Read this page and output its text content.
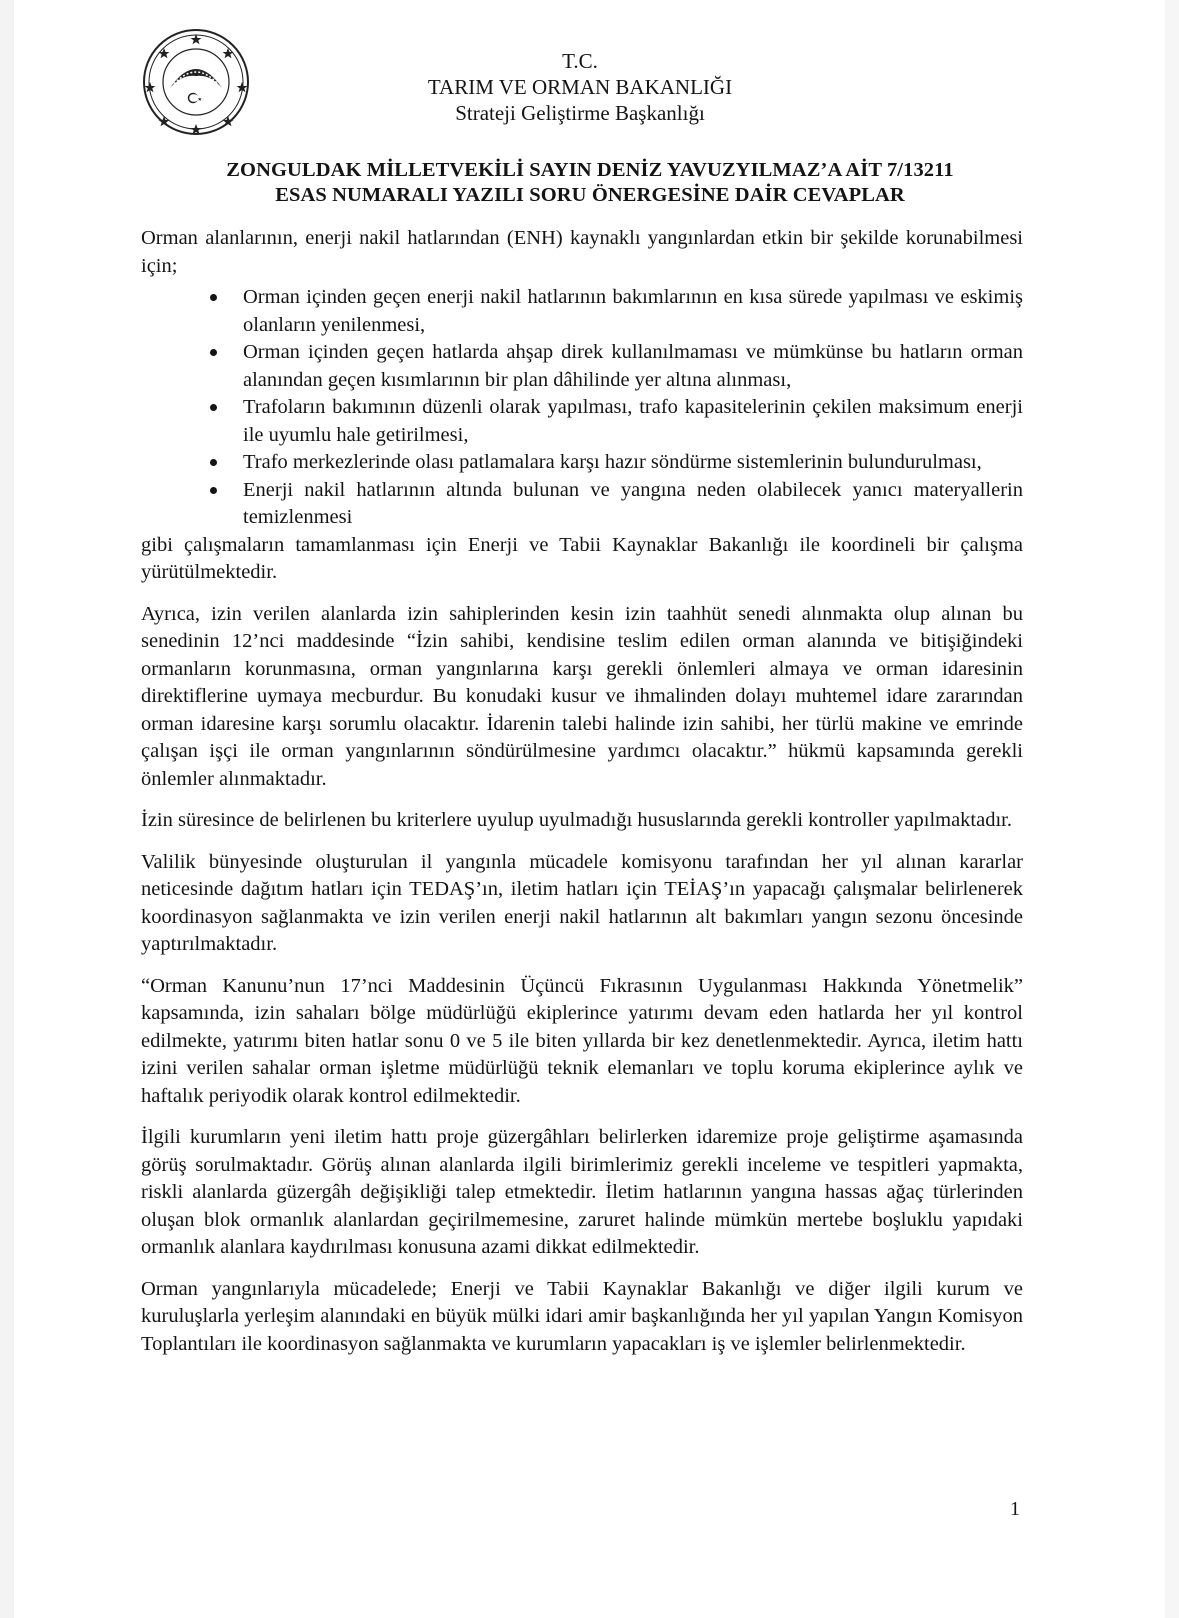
T.C.
TARIM VE ORMAN BAKANLIĞI
Strateji Geliştirme Başkanlığı
ZONGULDAK MİLLETVEKİLİ SAYIN DENİZ YAVUZYILMAZ’A AİT 7/13211
ESAS NUMARALI YAZILI SORU ÖNERGESİNE DAİR CEVAPLAR

Orman alanlarının, enerji nakil hatlarından (ENH) kaynaklı yangınlardan etkin bir şekilde korunabilmesi için;

Orman içinden geçen enerji nakil hatlarının bakımlarının en kısa sürede yapılması ve eskimiş olanların yenilenmesi,
Orman içinden geçen hatlarda ahşap direk kullanılmaması ve mümkünse bu hatların orman alanından geçen kısımlarının bir plan dâhilinde yer altına alınması,
Trafoların bakımının düzenli olarak yapılması, trafo kapasitelerinin çekilen maksimum enerji ile uyumlu hale getirilmesi,
Trafo merkezlerinde olası patlamalara karşı hazır söndürme sistemlerinin bulundurulması,
Enerji nakil hatlarının altında bulunan ve yangına neden olabilecek yanıcı materyallerin temizlenmesi

gibi çalışmaların tamamlanması için Enerji ve Tabii Kaynaklar Bakanlığı ile koordineli bir çalışma yürütülmektedir.

Ayrıca, izin verilen alanlarda izin sahiplerinden kesin izin taahhüt senedi alınmakta olup alınan bu senedinin 12’nci maddesinde “İzin sahibi, kendisine teslim edilen orman alanında ve bitişiğindeki ormanların korunmasına, orman yangınlarına karşı gerekli önlemleri almaya ve orman idaresinin direktiflerine uymaya mecburdur. Bu konudaki kusur ve ihmalinden dolayı muhtemel idare zararından orman idaresine karşı sorumlu olacaktır. İdarenin talebi halinde izin sahibi, her türlü makine ve emrinde çalışan işçi ile orman yangınlarının söndürülmesine yardımcı olacaktır.” hükmü kapsamında gerekli önlemler alınmaktadır.

İzin süresince de belirlenen bu kriterlere uyulup uyulmadığı hususlarında gerekli kontroller yapılmaktadır.

Valilik bünyesinde oluşturulan il yangınla mücadele komisyonu tarafından her yıl alınan kararlar neticesinde dağıtım hatları için TEDAŞ’ın, iletim hatları için TEİAŞ’ın yapacağı çalışmalar belirlenerek koordinasyon sağlanmakta ve izin verilen enerji nakil hatlarının alt bakımları yangın sezonu öncesinde yaptırılmaktadır.

“Orman Kanunu’nun 17’nci Maddesinin Üçüncü Fıkrasının Uygulanması Hakkında Yönetmelik” kapsamında, izin sahaları bölge müdürlüğü ekiplerince yatırımı devam eden hatlarda her yıl kontrol edilmekte, yatırımı biten hatlar sonu 0 ve 5 ile biten yıllarda bir kez denetlenmektedir. Ayrıca, iletim hattı izini verilen sahalar orman işletme müdürlüğü teknik elemanları ve toplu koruma ekiplerince aylık ve haftalık periyodik olarak kontrol edilmektedir.

İlgili kurumların yeni iletim hattı proje güzergâhları belirlerken idaremize proje geliştirme aşamasında görüş sorulmaktadır. Görüş alınan alanlarda ilgili birimlerimiz gerekli inceleme ve tespitleri yapmakta, riskli alanlarda güzergâh değişikliği talep etmektedir. İletim hatlarının yangına hassas ağaç türlerinden oluşan blok ormanlık alanlardan geçirilmemesine, zaruret halinde mümkün mertebe boşluklu yapıdaki ormanlık alanlara kaydırılması konusuna azami dikkat edilmektedir.

Orman yangınlarıyla mücadelede; Enerji ve Tabii Kaynaklar Bakanlığı ve diğer ilgili kurum ve kuruluşlarla yerleşim alanındaki en büyük mülki idari amir başkanlığında her yıl yapılan Yangın Komisyon Toplantıları ile koordinasyon sağlanmakta ve kurumların yapacakları iş ve işlemler belirlenmektedir.

1
